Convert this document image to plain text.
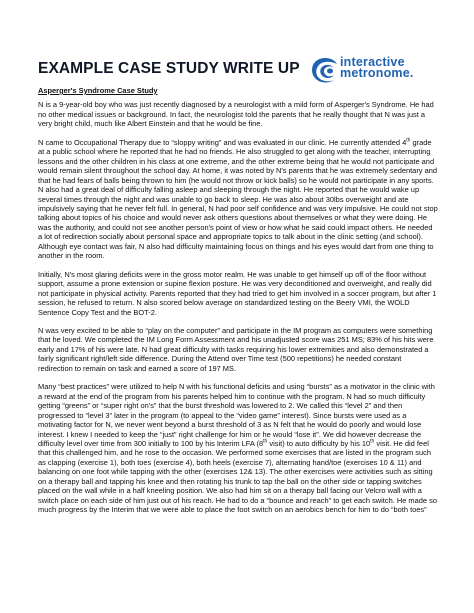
EXAMPLE CASE STUDY WRITE UP	interactive
metronome.
Asperger's Syndrome Case Study

N is a 9-year-old boy who was just recently diagnosed by a neurologist with a mild form of Asperger's Syndrome. He had no other medical issues or background. In fact, the neurologist told the parents that he really thought that N was just a very bright child, much like Albert Einstein and that he would be fine.

N came to Occupational Therapy due to “sloppy writing” and was evaluated in our clinic. He currently attended 4th grade at a public school where he reported that he had no friends. He also struggled to get along with the teacher, interrupting lessons and the other children in his class at one extreme, and the other extreme being that he would not participate and would remain silent throughout the school day. At home, it was noted by N's parents that he was extremely sedentary and that he had fears of balls being thrown to him (he would not throw or kick balls) so he would not participate in any sports. N also had a great deal of difficulty falling asleep and sleeping through the night. He reported that he would wake up several times through the night and was unable to go back to sleep. He was also about 30lbs overweight and ate impulsively saying that he never felt full. In general, N had poor self confidence and was very impulsive. He could not stop talking about topics of his choice and would never ask others questions about themselves or what they were doing. He was the authority, and could not see another person's point of view or how what he said could impact others. He needed a lot of redirection socially about personal space and appropriate topics to talk about in the clinic setting (and school). Although eye contact was fair, N also had difficulty maintaining focus on things and his eyes would dart from one thing to another in the room.

Initially, N's most glaring deficits were in the gross motor realm. He was unable to get himself up off of the floor without support, assume a prone extension or supine flexion posture. He was very deconditioned and overweight, and really did not participate in physical activity. Parents reported that they had tried to get him involved in a soccer program, but after 1 session, he refused to return. N also scored below average on standardized testing on the Beery VMI, the WOLD Sentence Copy Test and the BOT-2.

N was very excited to be able to “play on the computer” and participate in the IM program as computers were something that he loved. We completed the IM Long Form Assessment and his unadjusted score was 251 MS; 83% of his hits were early and 17% of his were late. N had great difficulty with tasks requiring his lower extremities and also demonstrated a fairly significant right/left side difference. During the Attend over Time test (500 repetitions) he needed constant redirection to remain on task and earned a score of 197 MS.

Many “best practices” were utilized to help N with his functional deficits and using “bursts” as a motivator in the clinic with a reward at the end of the program from his parents helped him to continue with the program. N had so much difficulty getting “greens” or “super right on's” that the burst threshold was lowered to 2. We called this “level 2” and then progressed to “level 3” later in the program (to appeal to the “video game” interest). Since bursts were used as a motivating factor for N, we never went beyond a burst threshold of 3 as N felt that he would do poorly and would lose interest. I knew I needed to keep the “just” right challenge for him or he would “lose it”. We did however decrease the difficulty level over time from 300 initially to 100 by his Interim LFA (8th visit) to auto difficulty by his 10th visit. He did feel that this challenged him, and he rose to the occasion. We performed some exercises that are listed in the program such as clapping (exercise 1), both toes (exercise 4), both heels (exercise 7), alternating hand/toe (exercises 10 & 11) and balancing on one foot while tapping with the other (exercises 12& 13). The other exercises were activities such as sitting on a therapy ball and tapping his knee and then rotating his trunk to tap the ball on the other side or tapping switches placed on the wall while in a half kneeling position. We also had him sit on a therapy ball facing our Velcro wall with a switch place on each side of him just out of his reach. He had to do a “bounce and reach” to get each switch. He made so much progress by the Interim that we were able to place the foot switch on an aerobics bench for him to do “both toes”
